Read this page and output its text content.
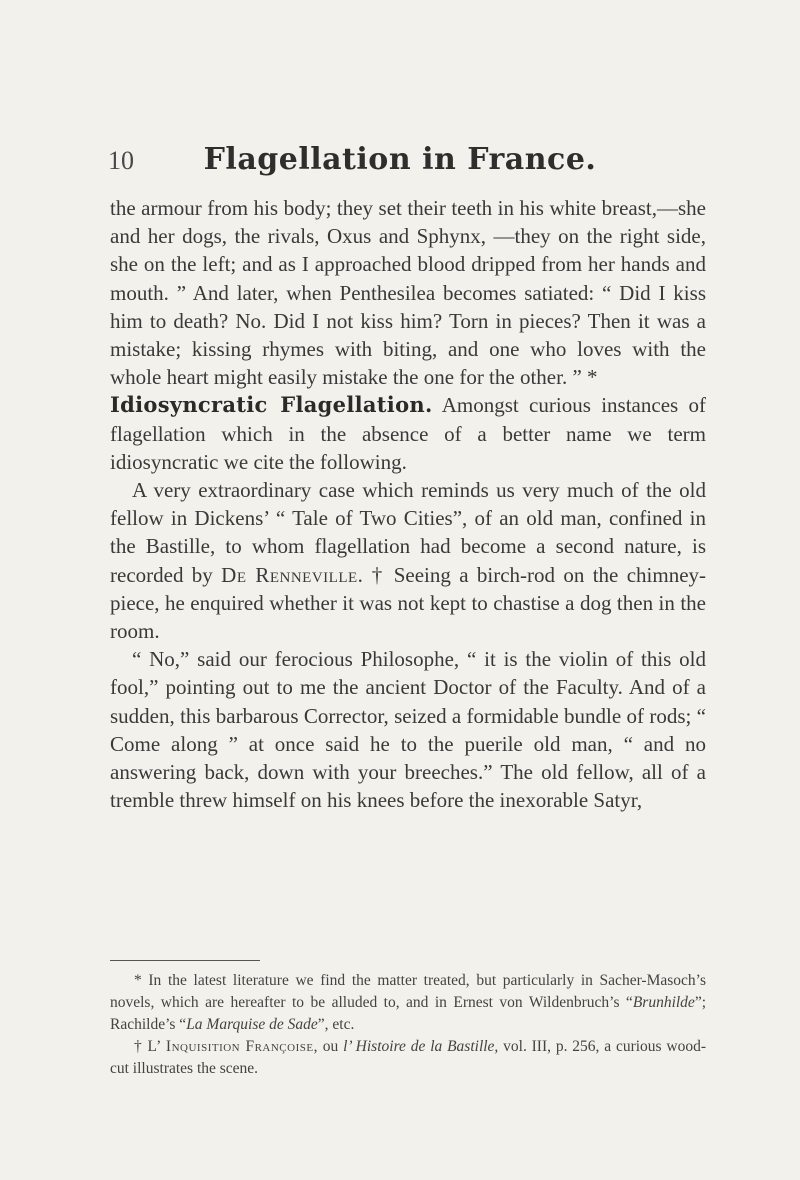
10	Flagellation in France.

the armour from his body; they set their teeth in his white breast,—she and her dogs, the rivals, Oxus and Sphynx, —they on the right side, she on the left; and as I approached blood dripped from her hands and mouth. ” And later, when Penthesilea becomes satiated: “ Did I kiss him to death? No. Did I not kiss him? Torn in pieces? Then it was a mistake; kissing rhymes with biting, and one who loves with the whole heart might easily mistake the one for the other. ” *

Idiosyncratic Flagellation. Amongst curious instances of flagellation which in the absence of a better name we term idiosyncratic we cite the following.

A very extraordinary case which reminds us very much of the old fellow in Dickens’ “ Tale of Two Cities”, of an old man, confined in the Bastille, to whom flagellation had become a second nature, is recorded by De Renneville. † Seeing a birch-rod on the chimney-piece, he enquired whether it was not kept to chastise a dog then in the room.

“ No,” said our ferocious Philosophe, “ it is the violin of this old fool,” pointing out to me the ancient Doctor of the Faculty. And of a sudden, this barbarous Corrector, seized a formidable bundle of rods; “ Come along ” at once said he to the puerile old man, “ and no answering back, down with your breeches.” The old fellow, all of a tremble threw himself on his knees before the inexorable Satyr,

* In the latest literature we find the matter treated, but particularly in Sacher-Masoch’s novels, which are hereafter to be alluded to, and in Ernest von Wildenbruch’s “Brunhilde”; Rachilde’s “La Marquise de Sade”, etc.

† L’ Inquisition Françoise, ou l’ Histoire de la Bastille, vol. III, p. 256, a curious wood-cut illustrates the scene.
